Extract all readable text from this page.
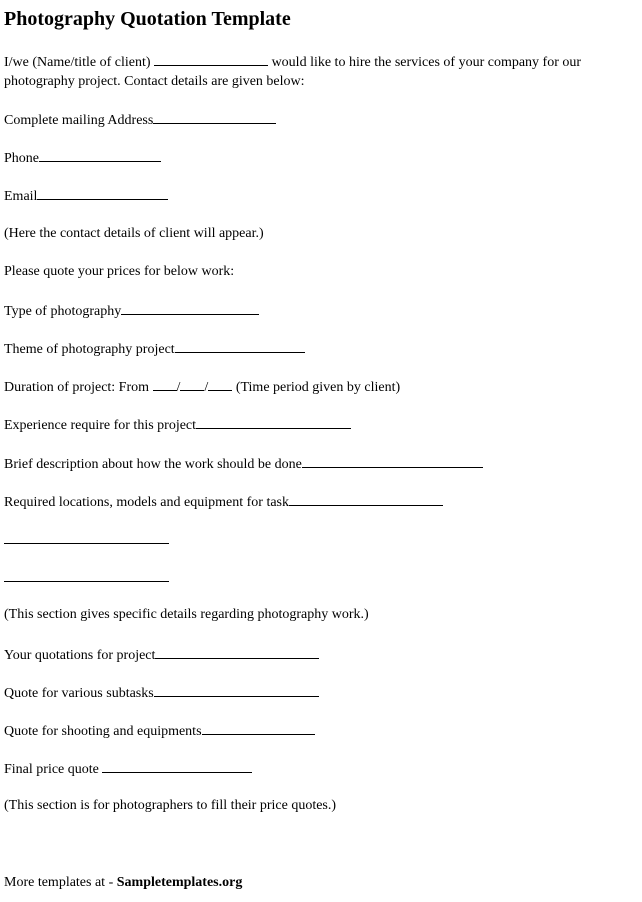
Photography Quotation Template
I/we (Name/title of client)	would like to hire the services of your company for our photography project. Contact details are given below:
Complete mailing Address
Phone
Email
(Here the contact details of client will appear.)
Please quote your prices for below work:
Type of photography
Theme of photography project
Duration of project: From / / (Time period given by client)
Experience require for this project
Brief description about how the work should be done
Required locations, models and equipment for task
(This section gives specific details regarding photography work.)
Your quotations for project
Quote for various subtasks
Quote for shooting and equipments
Final price quote
(This section is for photographers to fill their price quotes.)
More templates at - Sampletemplates.org
